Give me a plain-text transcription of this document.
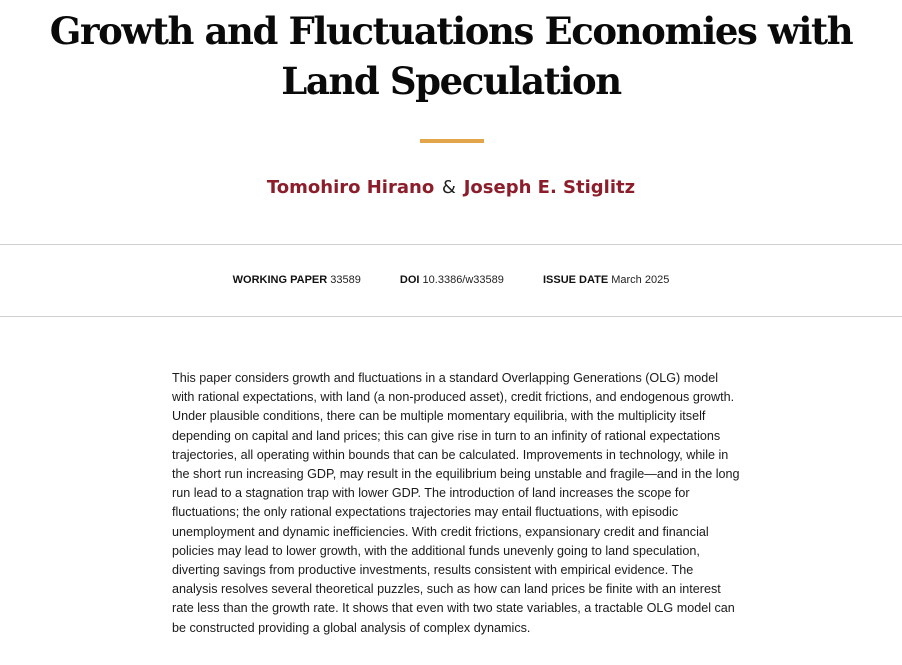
Growth and Fluctuations Economies with Land Speculation
Tomohiro Hirano & Joseph E. Stiglitz
WORKING PAPER 33589	DOI 10.3386/w33589	ISSUE DATE March 2025

This paper considers growth and fluctuations in a standard Overlapping Generations (OLG) model with rational expectations, with land (a non-produced asset), credit frictions, and endogenous growth. Under plausible conditions, there can be multiple momentary equilibria, with the multiplicity itself depending on capital and land prices; this can give rise in turn to an infinity of rational expectations trajectories, all operating within bounds that can be calculated. Improvements in technology, while in the short run increasing GDP, may result in the equilibrium being unstable and fragile—and in the long run lead to a stagnation trap with lower GDP. The introduction of land increases the scope for fluctuations; the only rational expectations trajectories may entail fluctuations, with episodic unemployment and dynamic inefficiencies. With credit frictions, expansionary credit and financial policies may lead to lower growth, with the additional funds unevenly going to land speculation, diverting savings from productive investments, results consistent with empirical evidence. The analysis resolves several theoretical puzzles, such as how can land prices be finite with an interest rate less than the growth rate. It shows that even with two state variables, a tractable OLG model can be constructed providing a global analysis of complex dynamics.
